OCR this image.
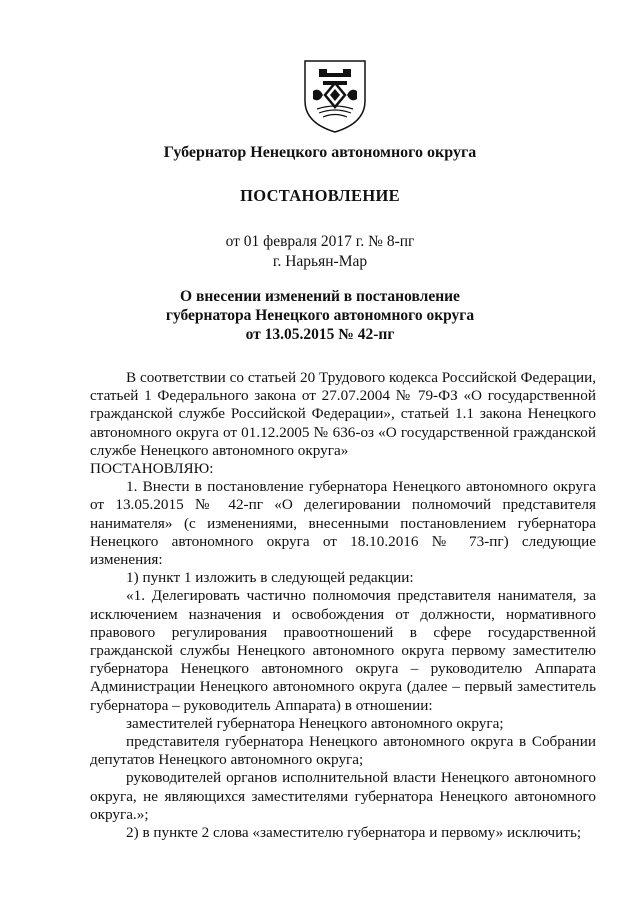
Губернатор Ненецкого автономного округа
ПОСТАНОВЛЕНИЕ
от 01 февраля 2017 г. № 8-пг
г. Нарьян-Мар
О внесении изменений в постановление
губернатора Ненецкого автономного округа
от 13.05.2015 № 42-пг

В соответствии со статьей 20 Трудового кодекса Российской Федерации, статьей 1 Федерального закона от 27.07.2004 № 79-ФЗ «О государственной гражданской службе Российской Федерации», статьей 1.1 закона Ненецкого автономного округа от 01.12.2005 № 636-оз «О государственной гражданской службе Ненецкого автономного округа»

ПОСТАНОВЛЯЮ:

1. Внести в постановление губернатора Ненецкого автономного округа от 13.05.2015 № 42-пг «О делегировании полномочий представителя нанимателя» (с изменениями, внесенными постановлением губернатора Ненецкого автономного округа от 18.10.2016 № 73-пг) следующие изменения:

1) пункт 1 изложить в следующей редакции:

«1. Делегировать частично полномочия представителя нанимателя, за исключением назначения и освобождения от должности, нормативного правового регулирования правоотношений в сфере государственной гражданской службы Ненецкого автономного округа первому заместителю губернатора Ненецкого автономного округа – руководителю Аппарата Администрации Ненецкого автономного округа (далее – первый заместитель губернатора – руководитель Аппарата) в отношении:

заместителей губернатора Ненецкого автономного округа;

представителя губернатора Ненецкого автономного округа в Собрании депутатов Ненецкого автономного округа;

руководителей органов исполнительной власти Ненецкого автономного округа, не являющихся заместителями губернатора Ненецкого автономного округа.»;

2) в пункте 2 слова «заместителю губернатора и первому» исключить;
